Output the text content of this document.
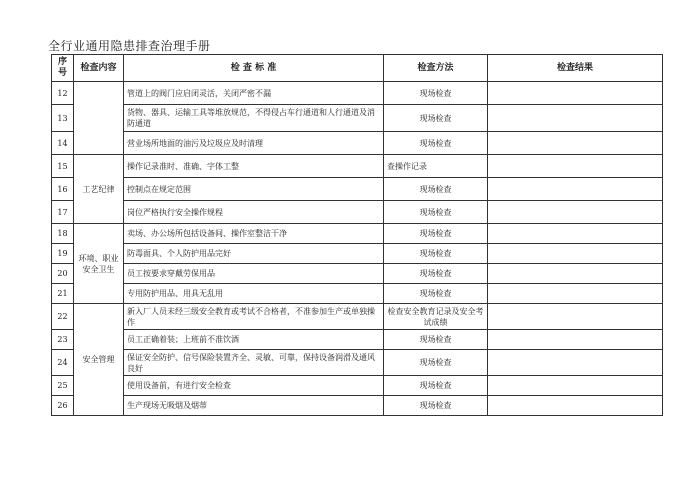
全行业通用隐患排查治理手册
序号	检查内容	检 查 标 准	检查方法	检查结果
12		管道上的阀门应启闭灵活，关闭严密不漏	现场检查	
13		货物、器具、运输工具等堆放规范，不得侵占车行通道和人行通道及消防通道	现场检查	
14		营业场所地面的油污及垃圾应及时清理	现场检查	
15	工艺纪律	操作记录准时、准确、字体工整	查操作记录	
16		控制点在规定范围	现场检查	
17		岗位严格执行安全操作规程	现场检查	
18	环境、职业安全卫生	卖场、办公场所包括设备间、操作室整洁干净	现场检查	
19		防毒面具、个人防护用品完好	现场检查	
20		员工按要求穿戴劳保用品	现场检查	
21		专用防护用品、用具无乱用	现场检查	
22	安全管理	新入厂人员未经三级安全教育或考试不合格者，不准参加生产或单独操作	检查安全教育记录及安全考试成绩	
23		员工正确着装；上班前不准饮酒	现场检查	
24		保证安全防护、信号保险装置齐全、灵敏、可靠，保持设备润滑及通风良好	现场检查	
25		使用设备前，有进行安全检查	现场检查	
26		生产现场无吸烟及烟蒂	现场检查	
